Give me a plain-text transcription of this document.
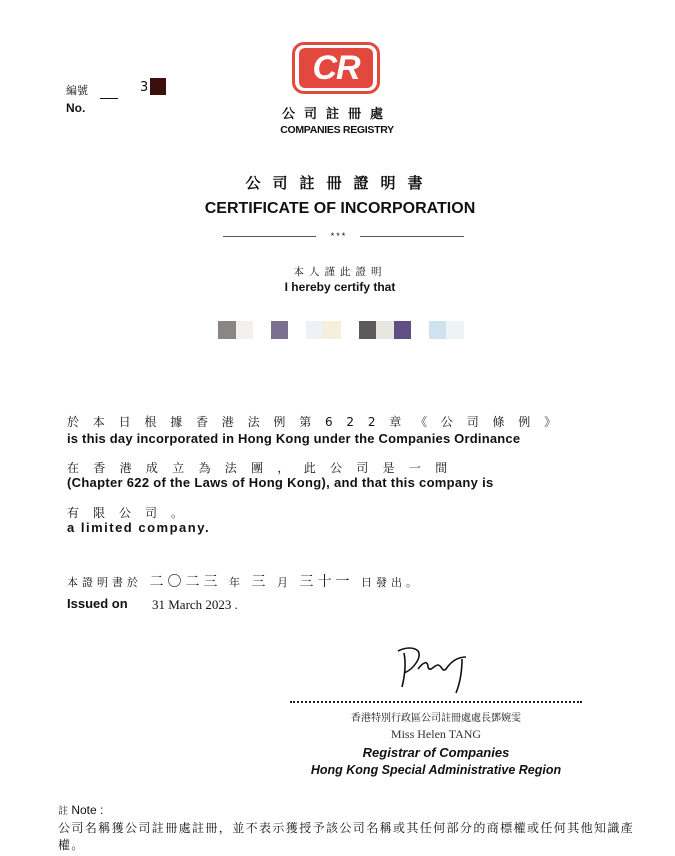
編號
No.
3
CR
公司註冊處
COMPANIES REGISTRY
公司註冊證明書
CERTIFICATE OF INCORPORATION
***
本人謹此證明
I hereby certify that
於本日根據香港法例第622章《公司條例》
is this day incorporated in Hong Kong under the Companies Ordinance
在香港成立為法團，此公司是一間
(Chapter 622 of the Laws of Hong Kong), and that this company is
有限公司。
a limited company.
本證明書於 二〇二三 年 三 月 三十一 日發出。
Issued on 31 March 2023 .
香港特別行政區公司註冊處處長鄧婉雯
Miss Helen TANG
Registrar of Companies
Hong Kong Special Administrative Region
註 Note :
公司名稱獲公司註冊處註冊，並不表示獲授予該公司名稱或其任何部分的商標權或任何其他知識產權。
